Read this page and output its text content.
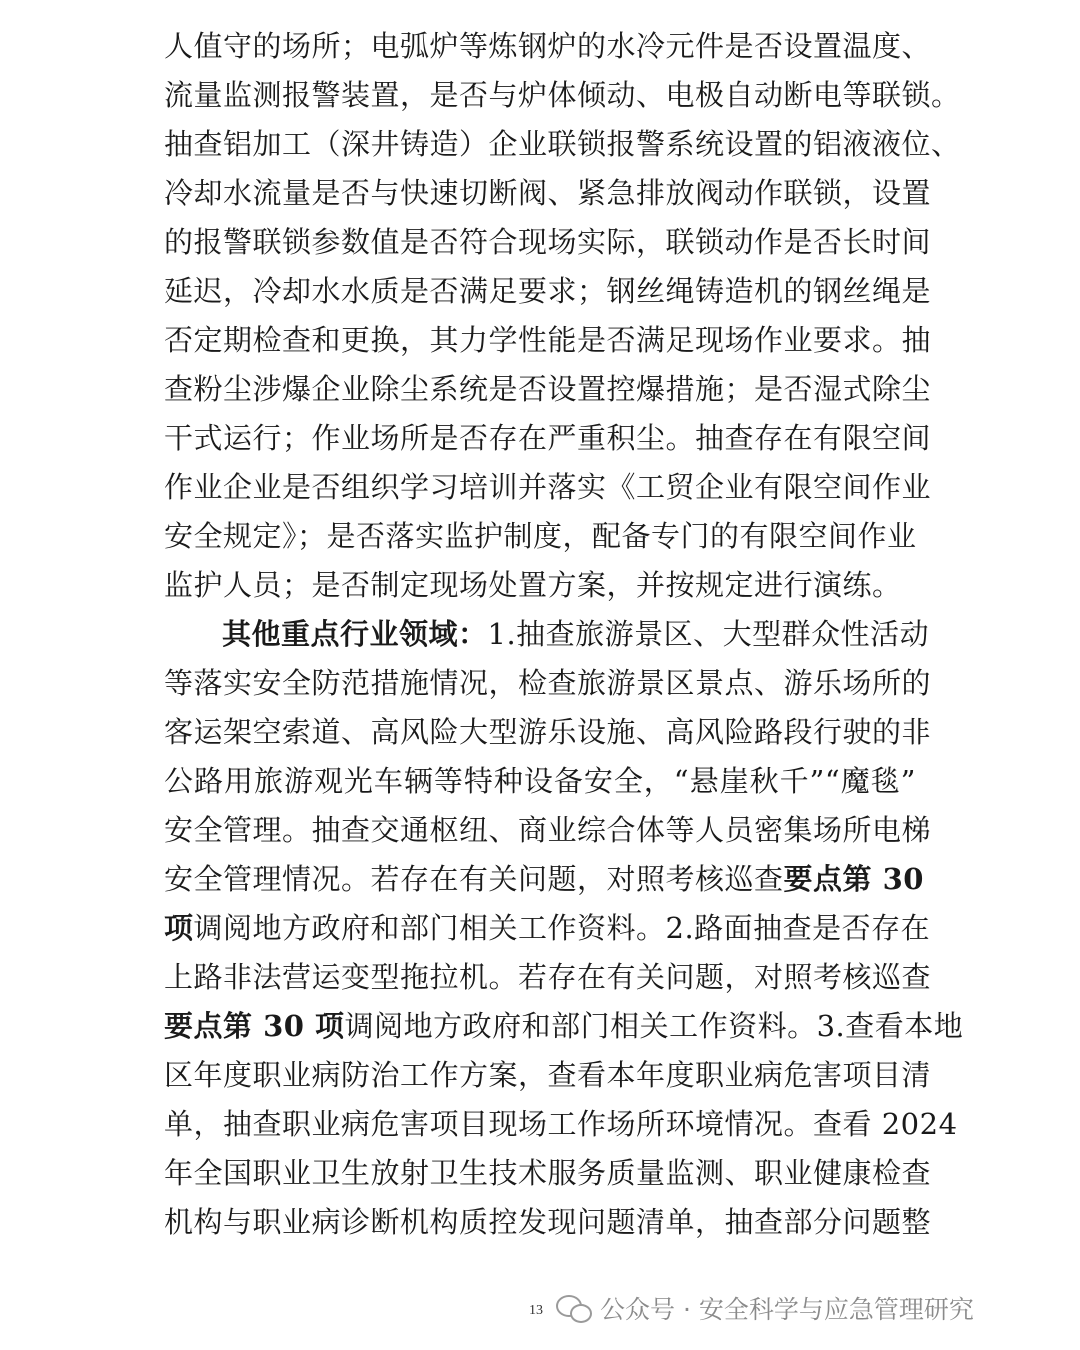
人值守的场所；电弧炉等炼钢炉的水冷元件是否设置温度、
流量监测报警装置，是否与炉体倾动、电极自动断电等联锁。
抽查铝加工（深井铸造）企业联锁报警系统设置的铝液液位、
冷却水流量是否与快速切断阀、紧急排放阀动作联锁，设置
的报警联锁参数值是否符合现场实际，联锁动作是否长时间
延迟，冷却水水质是否满足要求；钢丝绳铸造机的钢丝绳是
否定期检查和更换，其力学性能是否满足现场作业要求。抽
查粉尘涉爆企业除尘系统是否设置控爆措施；是否湿式除尘
干式运行；作业场所是否存在严重积尘。抽查存在有限空间
作业企业是否组织学习培训并落实《工贸企业有限空间作业
安全规定》；是否落实监护制度，配备专门的有限空间作业
监护人员；是否制定现场处置方案，并按规定进行演练。
其他重点行业领域：1.抽查旅游景区、大型群众性活动
等落实安全防范措施情况，检查旅游景区景点、游乐场所的
客运架空索道、高风险大型游乐设施、高风险路段行驶的非
公路用旅游观光车辆等特种设备安全，“悬崖秋千”“魔毯”
安全管理。抽查交通枢纽、商业综合体等人员密集场所电梯
安全管理情况。若存在有关问题，对照考核巡查要点第 30
项调阅地方政府和部门相关工作资料。2.路面抽查是否存在
上路非法营运变型拖拉机。若存在有关问题，对照考核巡查
要点第 30 项调阅地方政府和部门相关工作资料。3.查看本地
区年度职业病防治工作方案，查看本年度职业病危害项目清
单，抽查职业病危害项目现场工作场所环境情况。查看 2024
年全国职业卫生放射卫生技术服务质量监测、职业健康检查
机构与职业病诊断机构质控发现问题清单，抽查部分问题整
13 公众号 · 安全科学与应急管理研究
